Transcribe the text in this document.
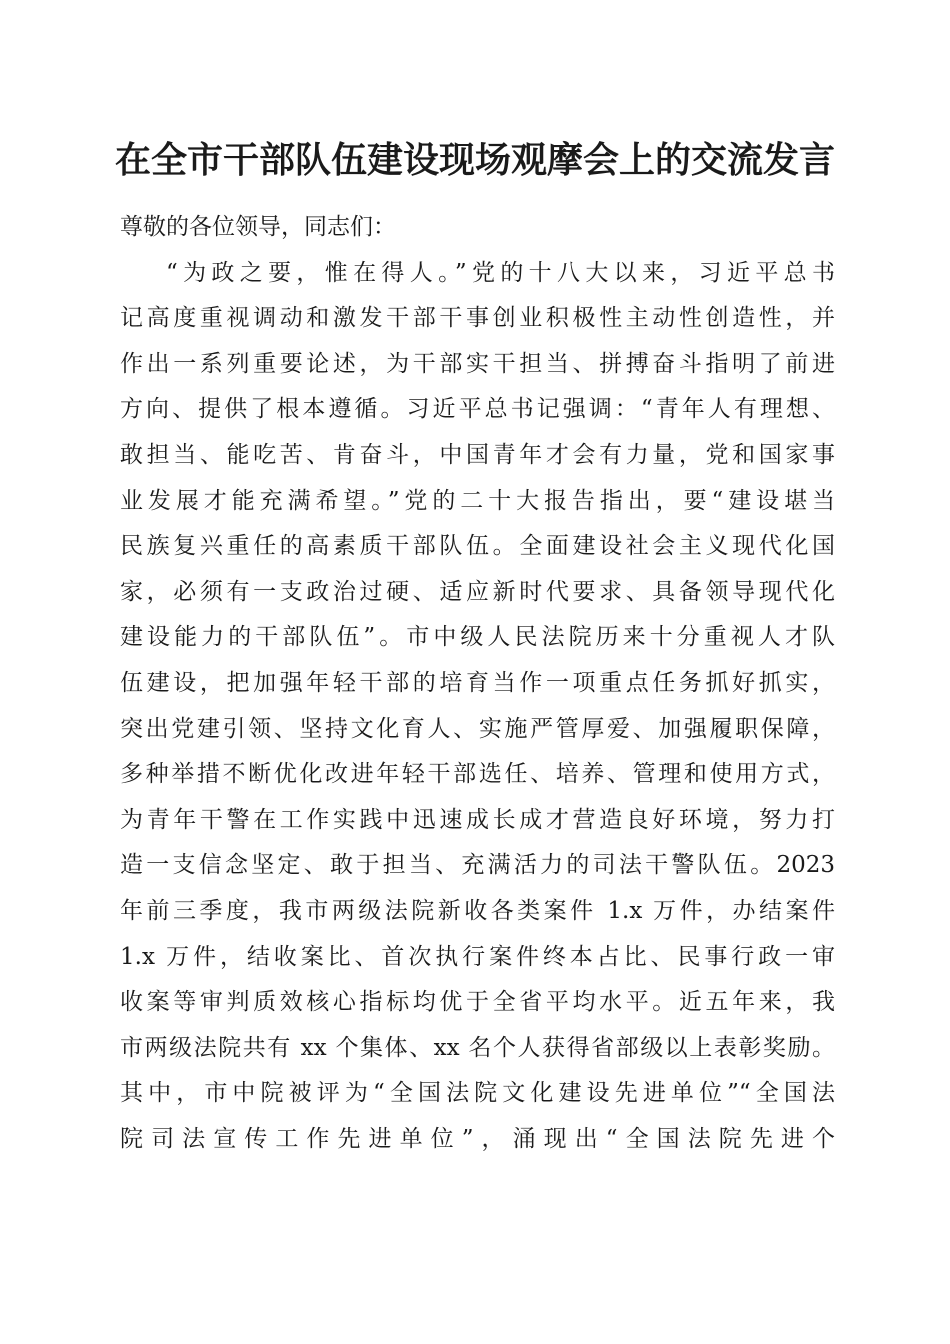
在全市干部队伍建设现场观摩会上的交流发言
尊敬的各位领导，同志们：
“为政之要，惟在得人。”党的十八大以来，习近平总书
记高度重视调动和激发干部干事创业积极性主动性创造性，并
作出一系列重要论述，为干部实干担当、拼搏奋斗指明了前进
方向、提供了根本遵循。习近平总书记强调：“青年人有理想、
敢担当、能吃苦、肯奋斗，中国青年才会有力量，党和国家事
业发展才能充满希望。”党的二十大报告指出，要“建设堪当
民族复兴重任的高素质干部队伍。全面建设社会主义现代化国
家，必须有一支政治过硬、适应新时代要求、具备领导现代化
建设能力的干部队伍”。市中级人民法院历来十分重视人才队
伍建设，把加强年轻干部的培育当作一项重点任务抓好抓实，
突出党建引领、坚持文化育人、实施严管厚爱、加强履职保障，
多种举措不断优化改进年轻干部选任、培养、管理和使用方式，
为青年干警在工作实践中迅速成长成才营造良好环境，努力打
造一支信念坚定、敢于担当、充满活力的司法干警队伍。2023
年前三季度，我市两级法院新收各类案件 1.x 万件，办结案件
1.x 万件，结收案比、首次执行案件终本占比、民事行政一审
收案等审判质效核心指标均优于全省平均水平。近五年来，我
市两级法院共有 xx 个集体、xx 名个人获得省部级以上表彰奖励。
其中，市中院被评为“全国法院文化建设先进单位”“全国法
院司法宣传工作先进单位”，涌现出“全国法院先进个
